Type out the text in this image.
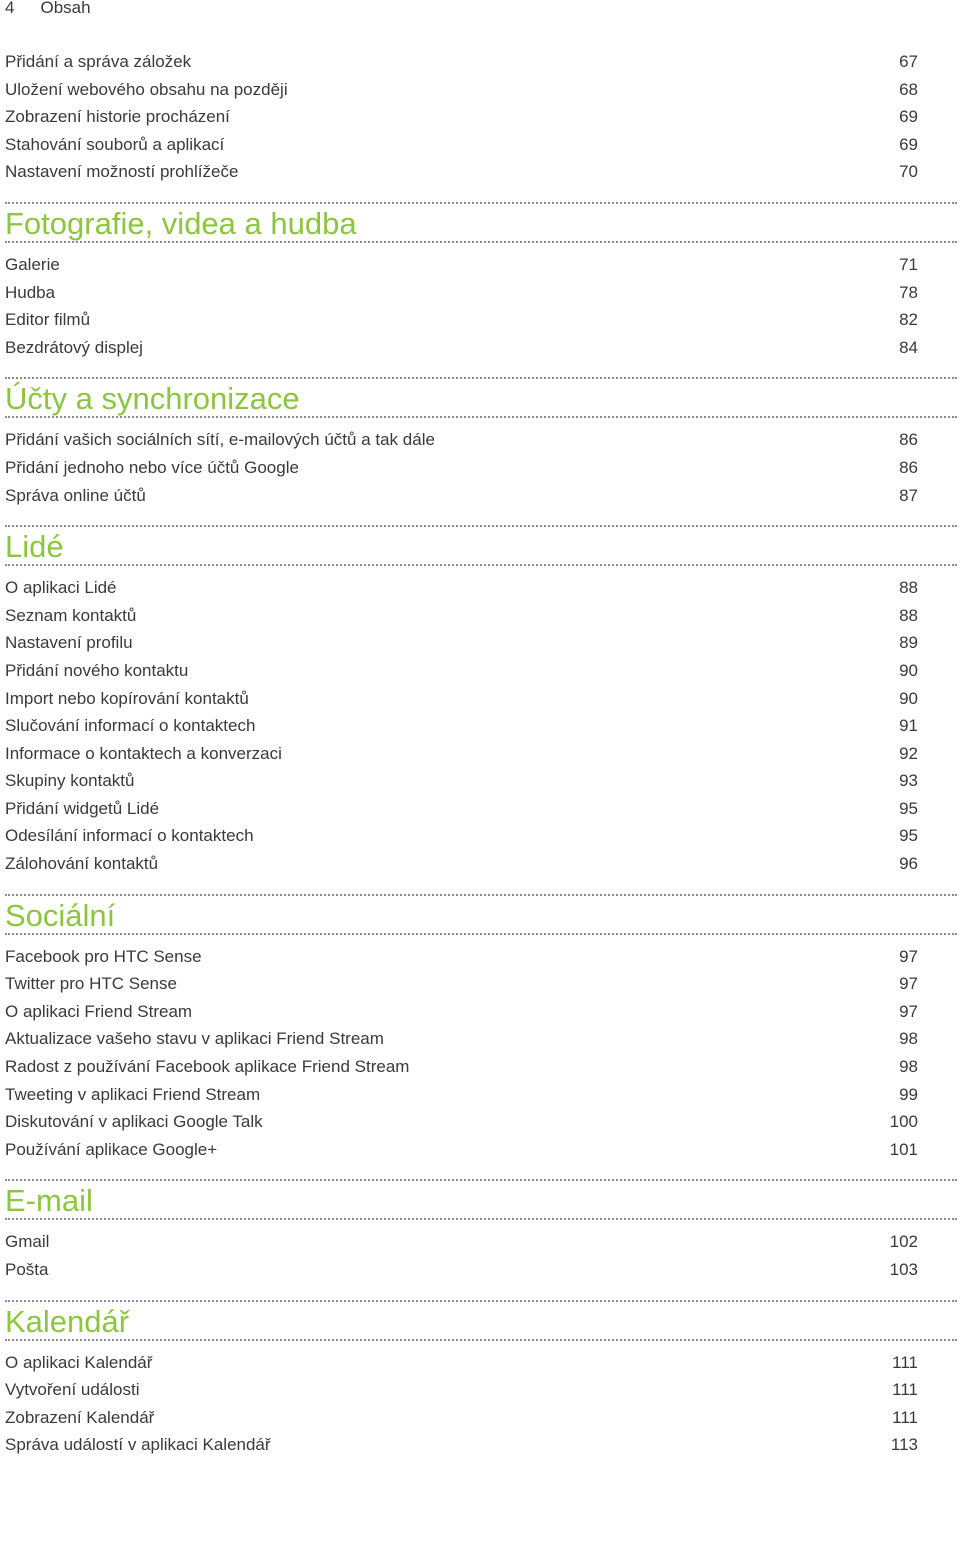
4 Obsah
Přidání a správa záložek	67
Uložení webového obsahu na později	68
Zobrazení historie procházení	69
Stahování souborů a aplikací	69
Nastavení možností prohlížeče	70
Fotografie, videa a hudba
Galerie	71
Hudba	78
Editor filmů	82
Bezdrátový displej	84
Účty a synchronizace
Přidání vašich sociálních sítí, e-mailových účtů a tak dále	86
Přidání jednoho nebo více účtů Google	86
Správa online účtů	87
Lidé
O aplikaci Lidé	88
Seznam kontaktů	88
Nastavení profilu	89
Přidání nového kontaktu	90
Import nebo kopírování kontaktů	90
Slučování informací o kontaktech	91
Informace o kontaktech a konverzaci	92
Skupiny kontaktů	93
Přidání widgetů Lidé	95
Odesílání informací o kontaktech	95
Zálohování kontaktů	96
Sociální
Facebook pro HTC Sense	97
Twitter pro HTC Sense	97
O aplikaci Friend Stream	97
Aktualizace vašeho stavu v aplikaci Friend Stream	98
Radost z používání Facebook aplikace Friend Stream	98
Tweeting v aplikaci Friend Stream	99
Diskutování v aplikaci Google Talk	100
Používání aplikace Google+	101
E-mail
Gmail	102
Pošta	103
Kalendář
O aplikaci Kalendář	111
Vytvoření události	111
Zobrazení Kalendář	111
Správa událostí v aplikaci Kalendář	113
